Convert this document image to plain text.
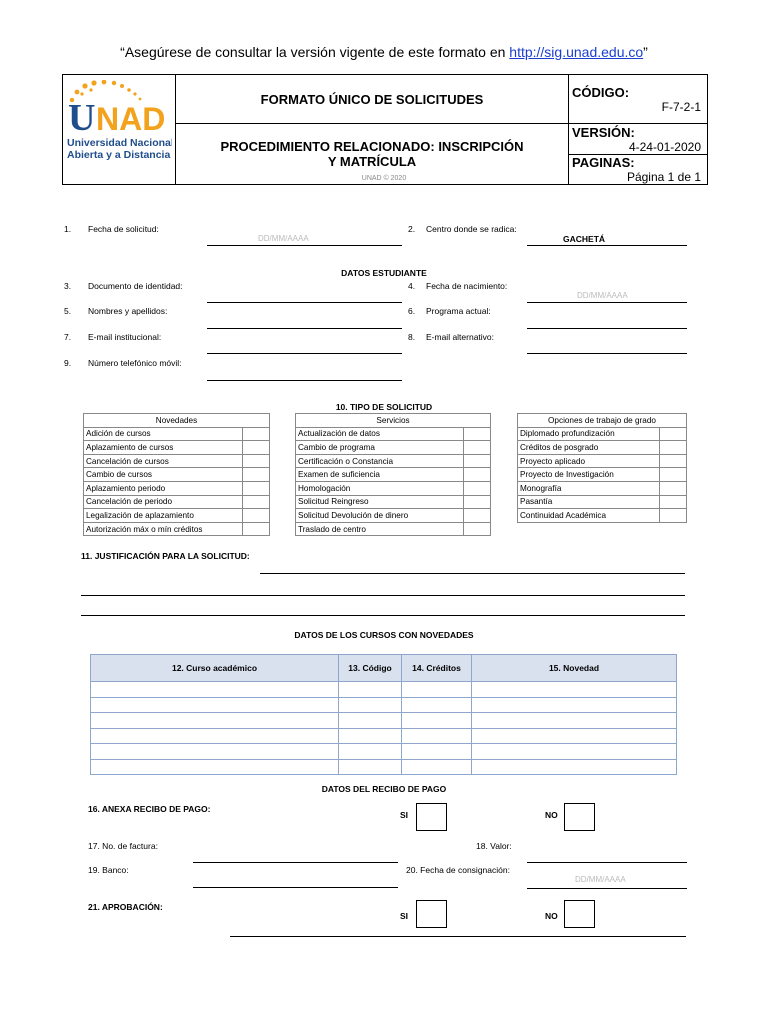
“Asegúrese de consultar la versión vigente de este formato en http://sig.unad.edu.co”
	FORMATO ÚNICO DE SOLICITUDES	CÓDIGO:
F-7-2-1

	PROCEDIMIENTO RELACIONADO: INSCRIPCIÓN Y MATRÍCULA	VERSIÓN:
4-24-01-2020

		PAGINAS:
Página 1 de 1
U NAD
Universidad Nacional
Abierta y a Distancia
UNAD © 2020
1. Fecha de solicitud:
DD/MM/AAAA
2. Centro donde se radica:
GACHETÁ
DATOS ESTUDIANTE
3. Documento de identidad:	4. Fecha de nacimiento:
DD/MM/AAAA
5. Nombres y apellidos:	6. Programa actual:
7. E-mail institucional:	8. E-mail alternativo:
9. Número telefónico móvil:
10. TIPO DE SOLICITUD
Novedades	
Adición de cursos	
Aplazamiento de cursos	
Cancelación de cursos	
Cambio de cursos	
Aplazamiento periodo	
Cancelación de periodo	
Legalización de aplazamiento	
Autorización máx o mín créditos	
Servicios	
Actualización de datos	
Cambio de programa	
Certificación o Constancia	
Examen de suficiencia	
Homologación	
Solicitud Reingreso	
Solicitud Devolución de dinero	
Traslado de centro	
Opciones de trabajo de grado	
Diplomado profundización	
Créditos de posgrado	
Proyecto aplicado	
Proyecto de Investigación	
Monografía	
Pasantía	
Continuidad Académica	
11. JUSTIFICACIÓN PARA LA SOLICITUD:
DATOS DE LOS CURSOS CON NOVEDADES
12. Curso académico	13. Código	14. Créditos	15. Novedad

DATOS DEL RECIBO DE PAGO
16. ANEXA RECIBO DE PAGO:
SI	NO
17. No. de factura:	18. Valor:
19. Banco:	20. Fecha de consignación:
DD/MM/AAAA
21. APROBACIÓN:
SI	NO
